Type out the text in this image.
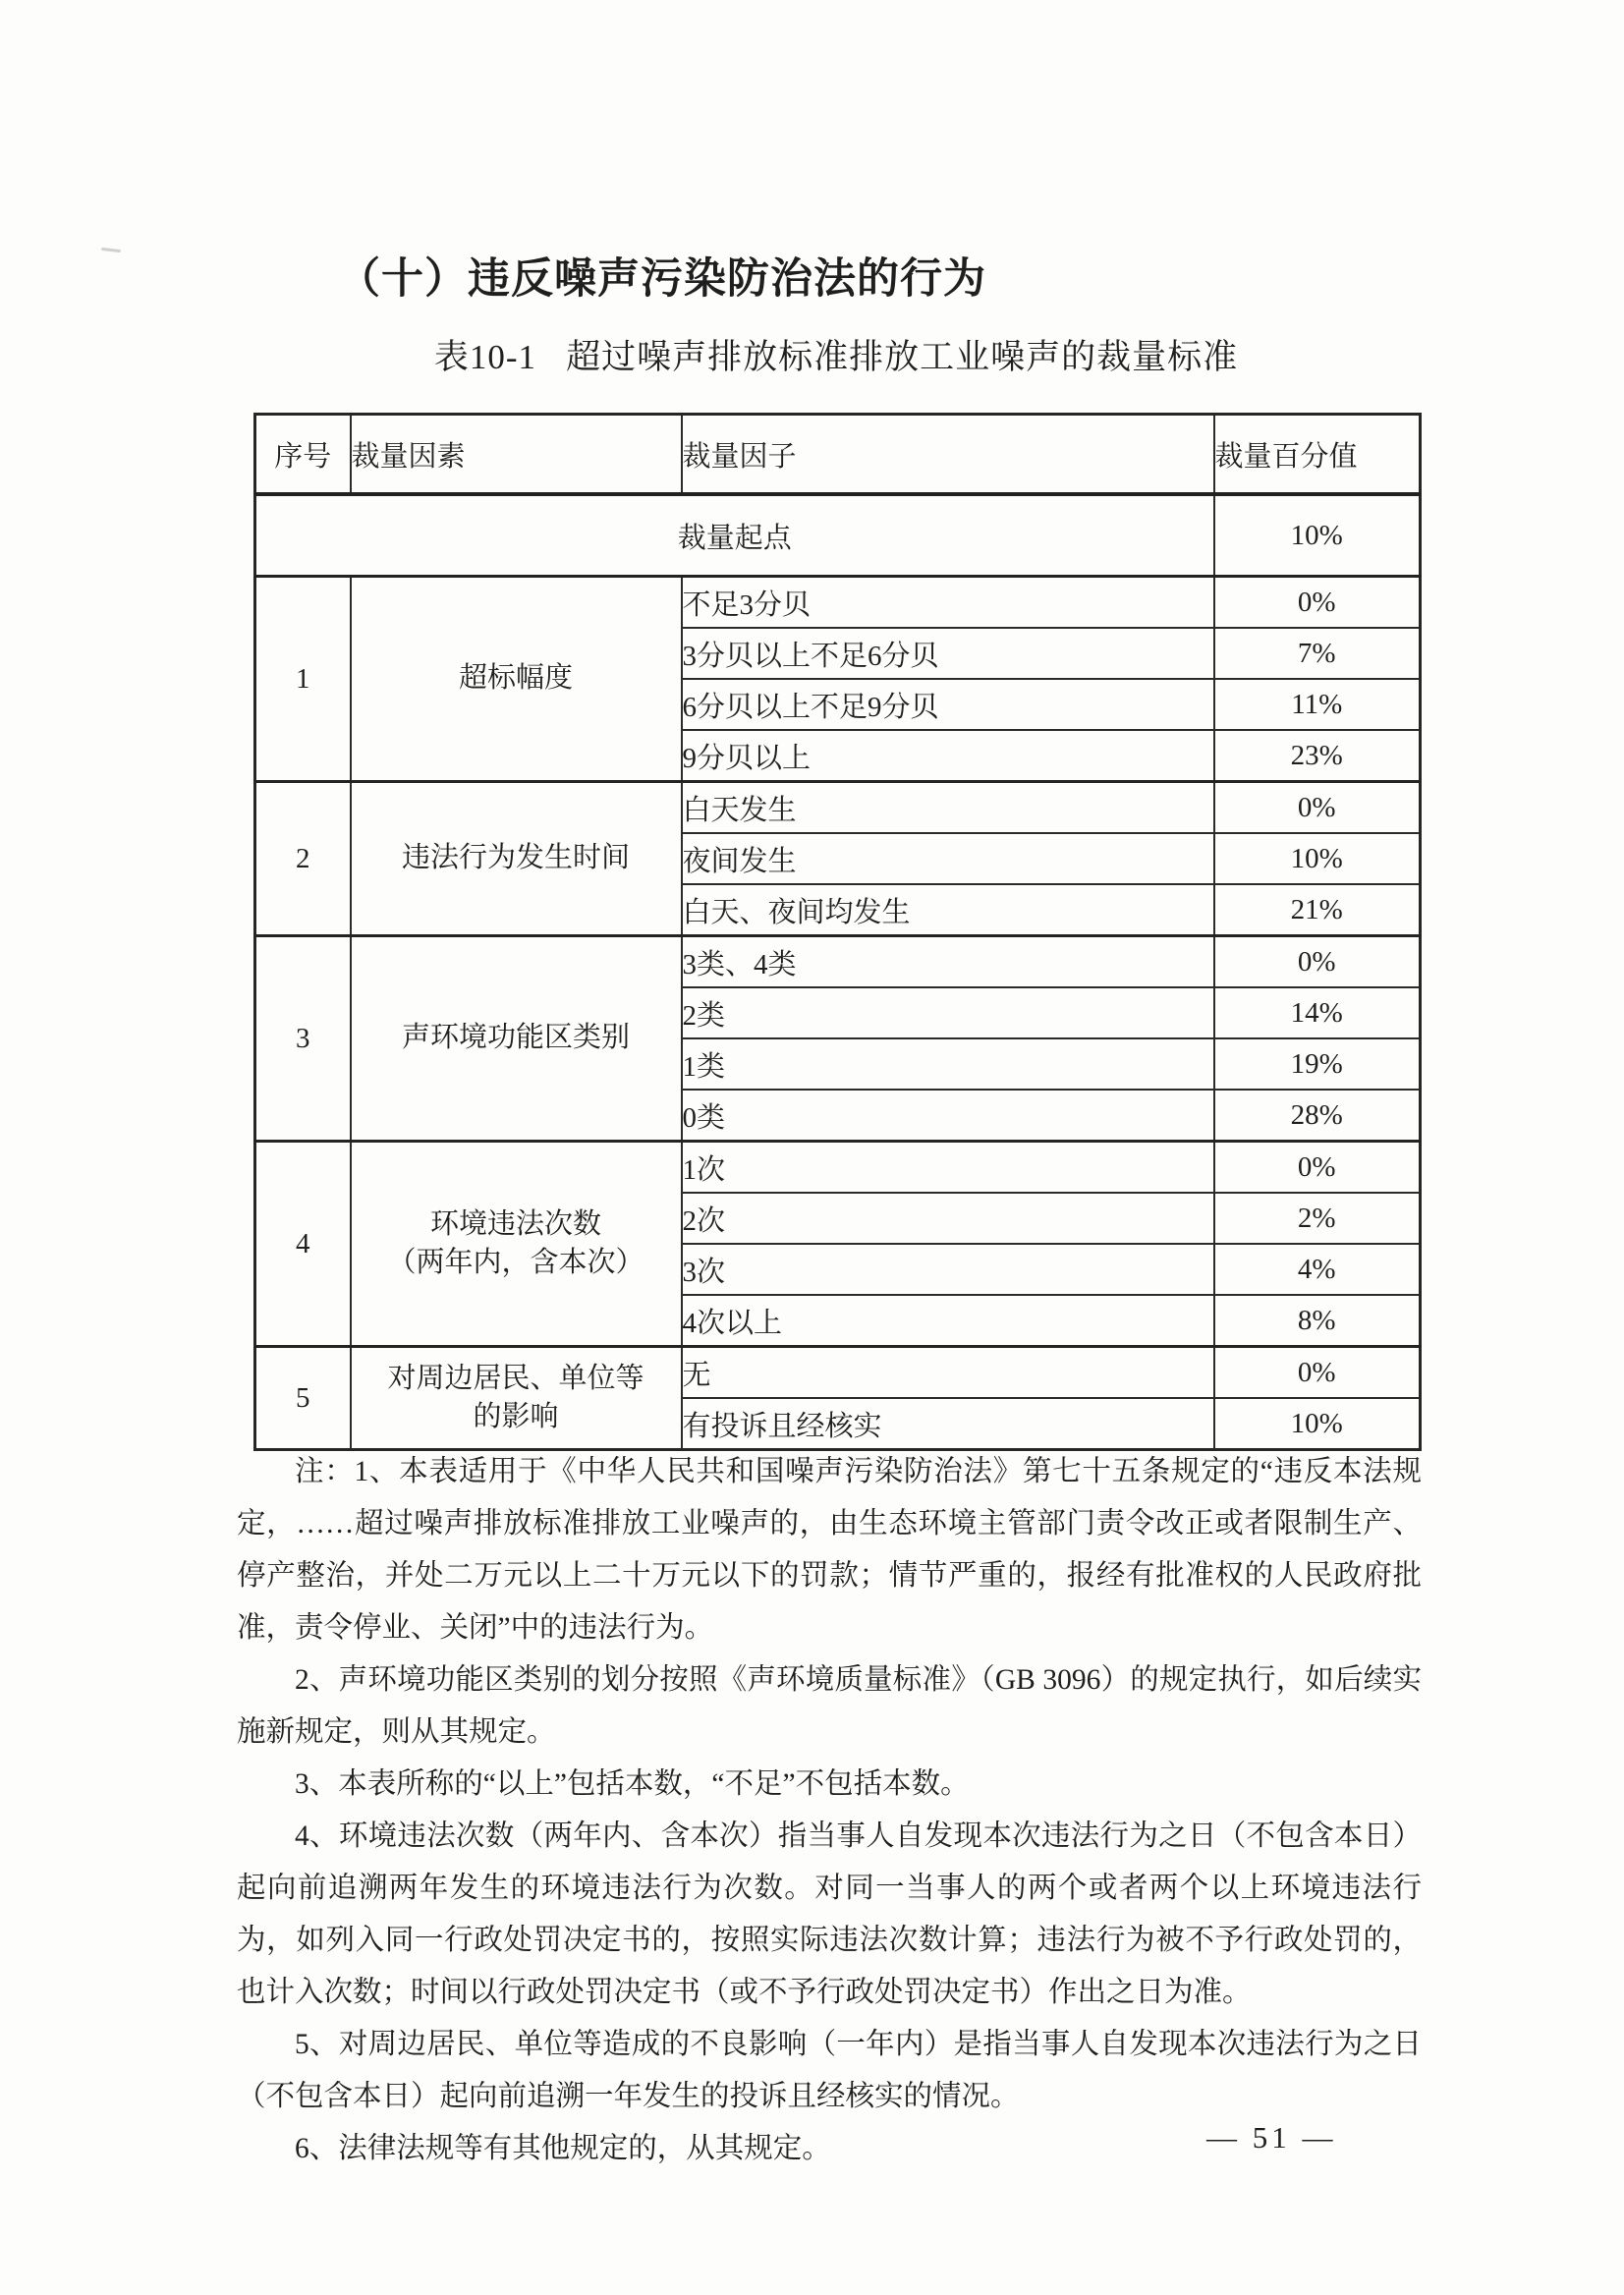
（十）违反噪声污染防治法的行为
表10-1 超过噪声排放标准排放工业噪声的裁量标准
序号	裁量因素	裁量因子	裁量百分值
裁量起点			10%
1	超标幅度	不足3分贝	0%
		3分贝以上不足6分贝	7%
		6分贝以上不足9分贝	11%
		9分贝以上	23%
2	违法行为发生时间	白天发生	0%
		夜间发生	10%
		白天、夜间均发生	21%
3	声环境功能区类别	3类、4类	0%
		2类	14%
		1类	19%
		0类	28%
4	环境违法次数
（两年内，含本次）	1次	0%
		2次	2%
		3次	4%
		4次以上	8%
5	对周边居民、单位等
的影响	无	0%
		有投诉且经核实	10%

注：1、本表适用于《中华人民共和国噪声污染防治法》第七十五条规定的“违反本法规定，……超过噪声排放标准排放工业噪声的，由生态环境主管部门责令改正或者限制生产、停产整治，并处二万元以上二十万元以下的罚款；情节严重的，报经有批准权的人民政府批准，责令停业、关闭”中的违法行为。

2、声环境功能区类别的划分按照《声环境质量标准》（GB 3096）的规定执行，如后续实施新规定，则从其规定。

3、本表所称的“以上”包括本数，“不足”不包括本数。

4、环境违法次数（两年内、含本次）指当事人自发现本次违法行为之日（不包含本日）起向前追溯两年发生的环境违法行为次数。对同一当事人的两个或者两个以上环境违法行为，如列入同一行政处罚决定书的，按照实际违法次数计算；违法行为被不予行政处罚的，也计入次数；时间以行政处罚决定书（或不予行政处罚决定书）作出之日为准。

5、对周边居民、单位等造成的不良影响（一年内）是指当事人自发现本次违法行为之日（不包含本日）起向前追溯一年发生的投诉且经核实的情况。

6、法律法规等有其他规定的，从其规定。	— 51 —
